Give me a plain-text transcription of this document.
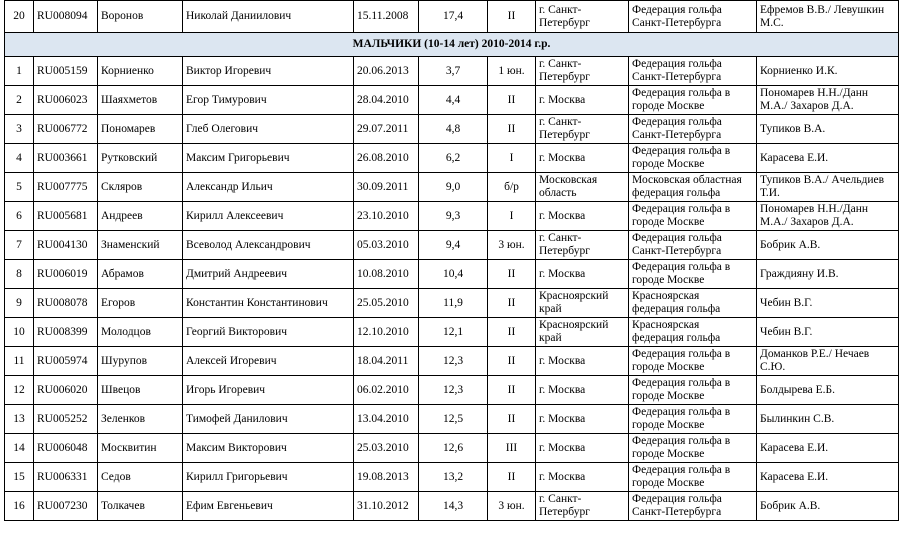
20	RU008094	Воронов	Николай Даниилович	15.11.2008	17,4	II	г. Санкт-Петербург	Федерация гольфа Санкт-Петербурга	Ефремов В.В./ Левушкин М.С.
МАЛЬЧИКИ (10-14 лет) 2010-2014 г.р.									
1	RU005159	Корниенко	Виктор Игоревич	20.06.2013	3,7	1 юн.	г. Санкт-Петербург	Федерация гольфа Санкт-Петербурга	Корниенко И.К.
2	RU006023	Шаяхметов	Егор Тимурович	28.04.2010	4,4	II	г. Москва	Федерация гольфа в городе Москве	Пономарев Н.Н./Данн М.А./ Захаров Д.А.
3	RU006772	Пономарев	Глеб Олегович	29.07.2011	4,8	II	г. Санкт-Петербург	Федерация гольфа Санкт-Петербурга	Тупиков В.А.
4	RU003661	Рутковский	Максим Григорьевич	26.08.2010	6,2	I	г. Москва	Федерация гольфа в городе Москве	Карасева Е.И.
5	RU007775	Скляров	Александр Ильич	30.09.2011	9,0	б/р	Московская область	Московская областная федерация гольфа	Тупиков В.А./ Ачельдиев Т.И.
6	RU005681	Андреев	Кирилл Алексеевич	23.10.2010	9,3	I	г. Москва	Федерация гольфа в городе Москве	Пономарев Н.Н./Данн М.А./ Захаров Д.А.
7	RU004130	Знаменский	Всеволод Александрович	05.03.2010	9,4	3 юн.	г. Санкт-Петербург	Федерация гольфа Санкт-Петербурга	Бобрик А.В.
8	RU006019	Абрамов	Дмитрий Андреевич	10.08.2010	10,4	II	г. Москва	Федерация гольфа в городе Москве	Граждияну И.В.
9	RU008078	Егоров	Константин Константинович	25.05.2010	11,9	II	Красноярский край	Красноярская федерация гольфа	Чебин В.Г.
10	RU008399	Молодцов	Георгий Викторович	12.10.2010	12,1	II	Красноярский край	Красноярская федерация гольфа	Чебин В.Г.
11	RU005974	Шурупов	Алексей Игоревич	18.04.2011	12,3	II	г. Москва	Федерация гольфа в городе Москве	Доманков Р.Е./ Нечаев С.Ю.
12	RU006020	Швецов	Игорь Игоревич	06.02.2010	12,3	II	г. Москва	Федерация гольфа в городе Москве	Болдырева Е.Б.
13	RU005252	Зеленков	Тимофей Данилович	13.04.2010	12,5	II	г. Москва	Федерация гольфа в городе Москве	Былинкин С.В.
14	RU006048	Москвитин	Максим Викторович	25.03.2010	12,6	III	г. Москва	Федерация гольфа в городе Москве	Карасева Е.И.
15	RU006331	Седов	Кирилл Григорьевич	19.08.2013	13,2	II	г. Москва	Федерация гольфа в городе Москве	Карасева Е.И.
16	RU007230	Толкачев	Ефим Евгеньевич	31.10.2012	14,3	3 юн.	г. Санкт-Петербург	Федерация гольфа Санкт-Петербурга	Бобрик А.В.
